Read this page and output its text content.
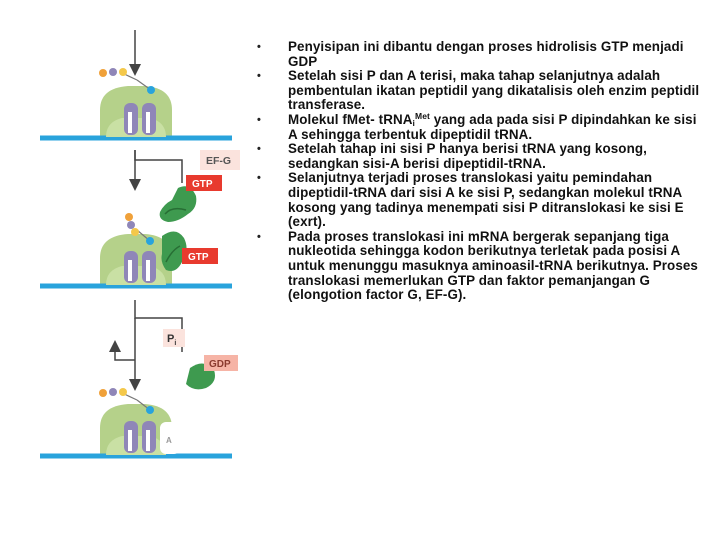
EF-G
GTP
GTP
$P_i$
GDP
A
• Penyisipan ini dibantu dengan proses hidrolisis GTP menjadi GDP
• Setelah sisi P dan A terisi, maka tahap selanjutnya adalah pembentulan ikatan peptidil yang dikatalisis oleh enzim peptidil transferase.
• Molekul fMet- tRNA$_i^{Met}$ yang ada pada sisi P dipindahkan ke sisi A sehingga terbentuk dipeptidil tRNA.
• Setelah tahap ini sisi P hanya berisi tRNA yang kosong, sedangkan sisi-A berisi dipeptidil-tRNA.
• Selanjutnya terjadi proses translokasi yaitu pemindahan dipeptidil-tRNA dari sisi A ke sisi P, sedangkan molekul tRNA kosong yang tadinya menempati sisi P ditranslokasi ke sisi E (exrt).
• Pada proses translokasi ini mRNA bergerak sepanjang tiga nukleotida sehingga kodon berikutnya terletak pada posisi A untuk menunggu masuknya aminoasil-tRNA berikutnya. Proses translokasi memerlukan GTP dan faktor pemanjangan G (elongotion factor G, EF-G).
